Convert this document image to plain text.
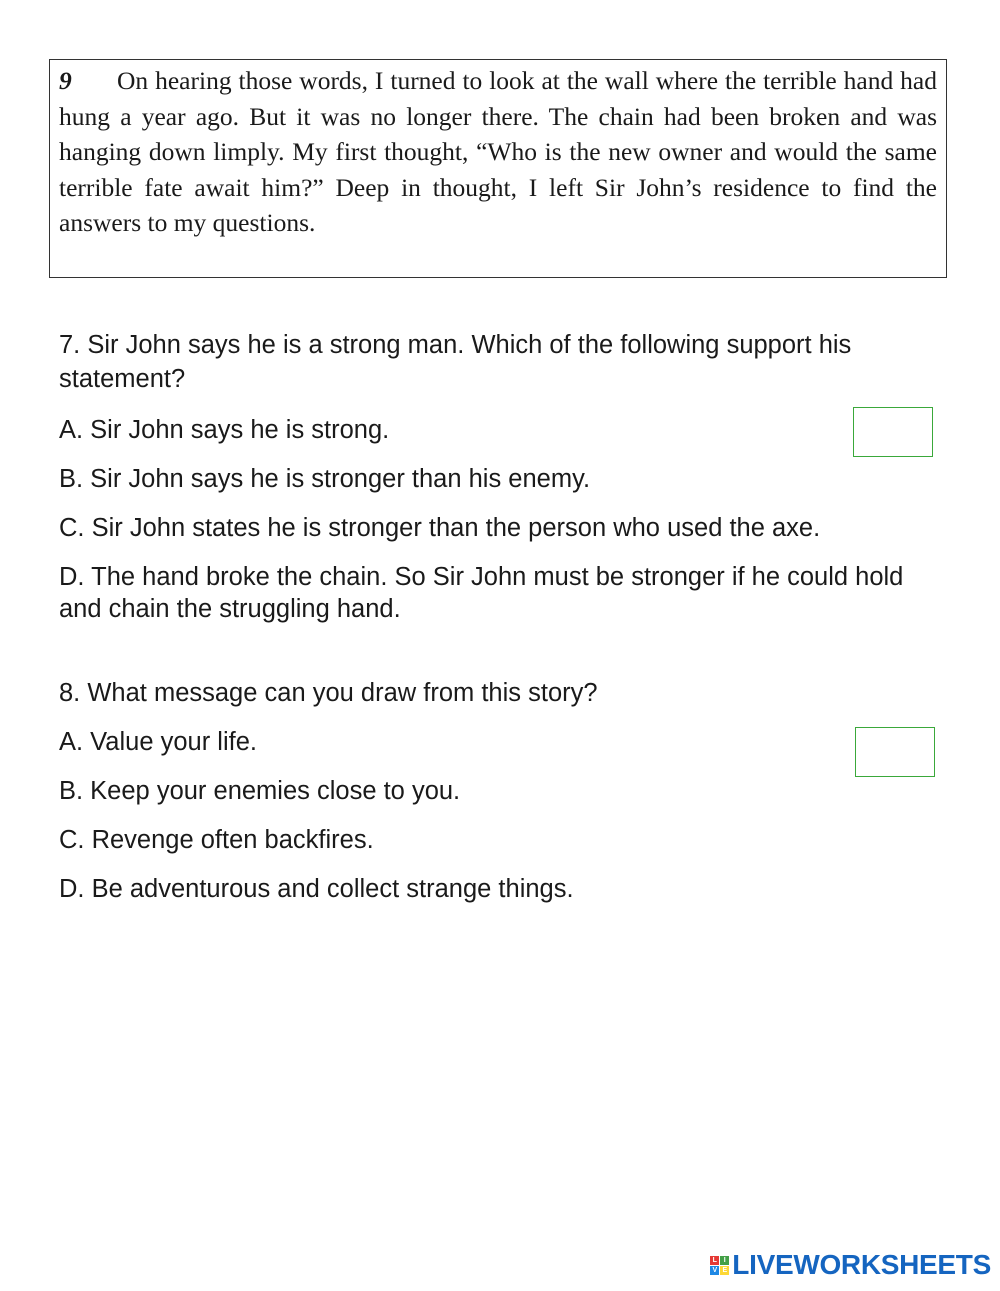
9 On hearing those words, I turned to look at the wall where the terrible hand had hung a year ago. But it was no longer there. The chain had been broken and was hanging down limply. My first thought, “Who is the new owner and would the same terrible fate await him?” Deep in thought, I left Sir John’s residence to find the answers to my questions.

7. Sir John says he is a strong man. Which of the following support his statement?

A. Sir John says he is strong.

B. Sir John says he is stronger than his enemy.

C. Sir John states he is stronger than the person who used the axe.

D. The hand broke the chain. So Sir John must be stronger if he could hold and chain the struggling hand.

8. What message can you draw from this story?

A. Value your life.

B. Keep your enemies close to you.

C. Revenge often backfires.

D. Be adventurous and collect strange things.

L I
V E LIVEWORKSHEETS
